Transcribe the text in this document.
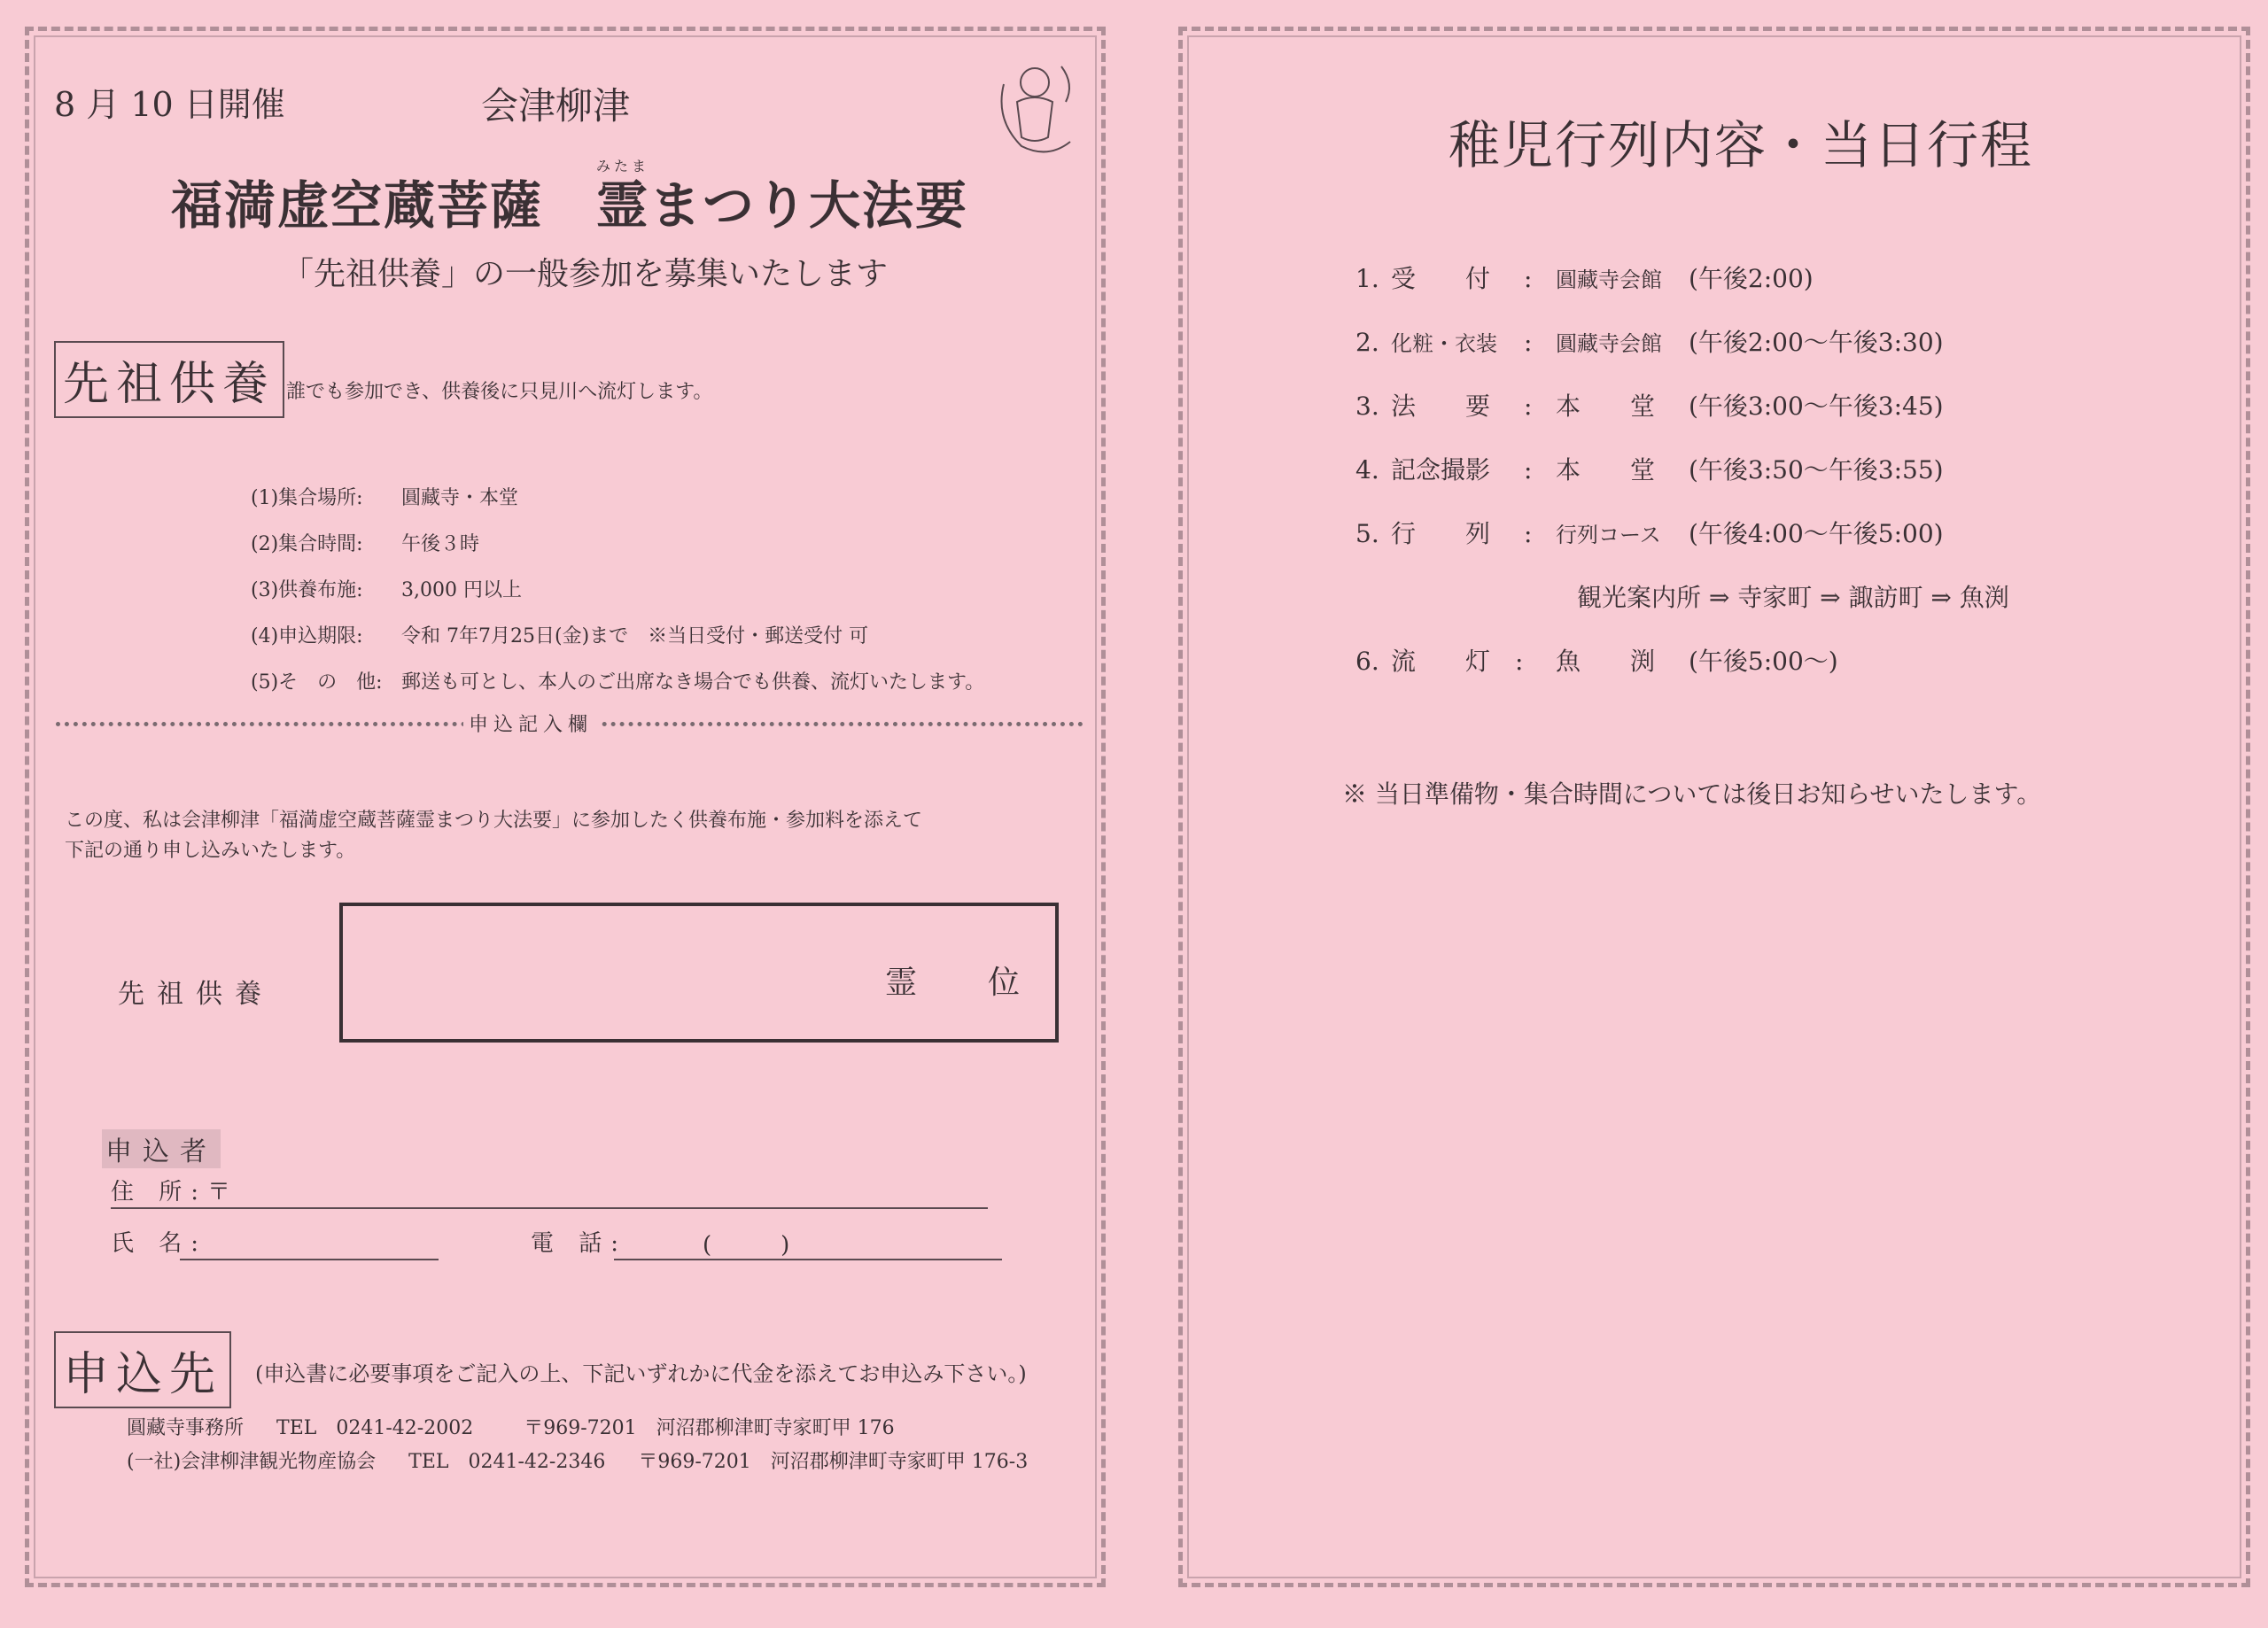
8 月 10 日開催	会津柳津
みたま
福満虚空蔵菩薩　霊まつり大法要
「先祖供養」の一般参加を募集いたします
先祖供養 誰でも参加でき、供養後に只見川へ流灯します。
(1)集合場所: 圓藏寺・本堂
(2)集合時間: 午後３時
(3)供養布施: 3,000 円以上
(4)申込期限: 令和 7年7月25日(金)まで　※当日受付・郵送受付 可
(5)そ　の　他: 郵送も可とし、本人のご出席なき場合でも供養、流灯いたします。
申込記入欄
この度、私は会津柳津「福満虚空蔵菩薩霊まつり大法要」に参加したく供養布施・参加料を添えて
下記の通り申し込みいたします。
先祖供養	霊　位
申込者
住 所:〒
氏 名:	電 話:	(　　　)
申込先	(申込書に必要事項をご記入の上、下記いずれかに代金を添えてお申込み下さい。)
圓藏寺事務所 TEL　0241-42-2002	〒969-7201　河沼郡柳津町寺家町甲 176
(一社)会津柳津観光物産協会 TEL　0241-42-2346 〒969-7201　河沼郡柳津町寺家町甲 176-3
稚児行列内容・当日行程
1. 受　　付 : 圓藏寺会館 (午後2:00)
2. 化粧・衣装 : 圓藏寺会館 (午後2:00～午後3:30)
3. 法　　要 : 本　　堂 (午後3:00～午後3:45)
4. 記念撮影 : 本　　堂 (午後3:50～午後3:55)
5. 行　　列 : 行列コース (午後4:00～午後5:00)
観光案内所 ⇒ 寺家町 ⇒ 諏訪町 ⇒ 魚渕
6. 流　　灯 : 魚　　渕 (午後5:00～)
※ 当日準備物・集合時間については後日お知らせいたします。
